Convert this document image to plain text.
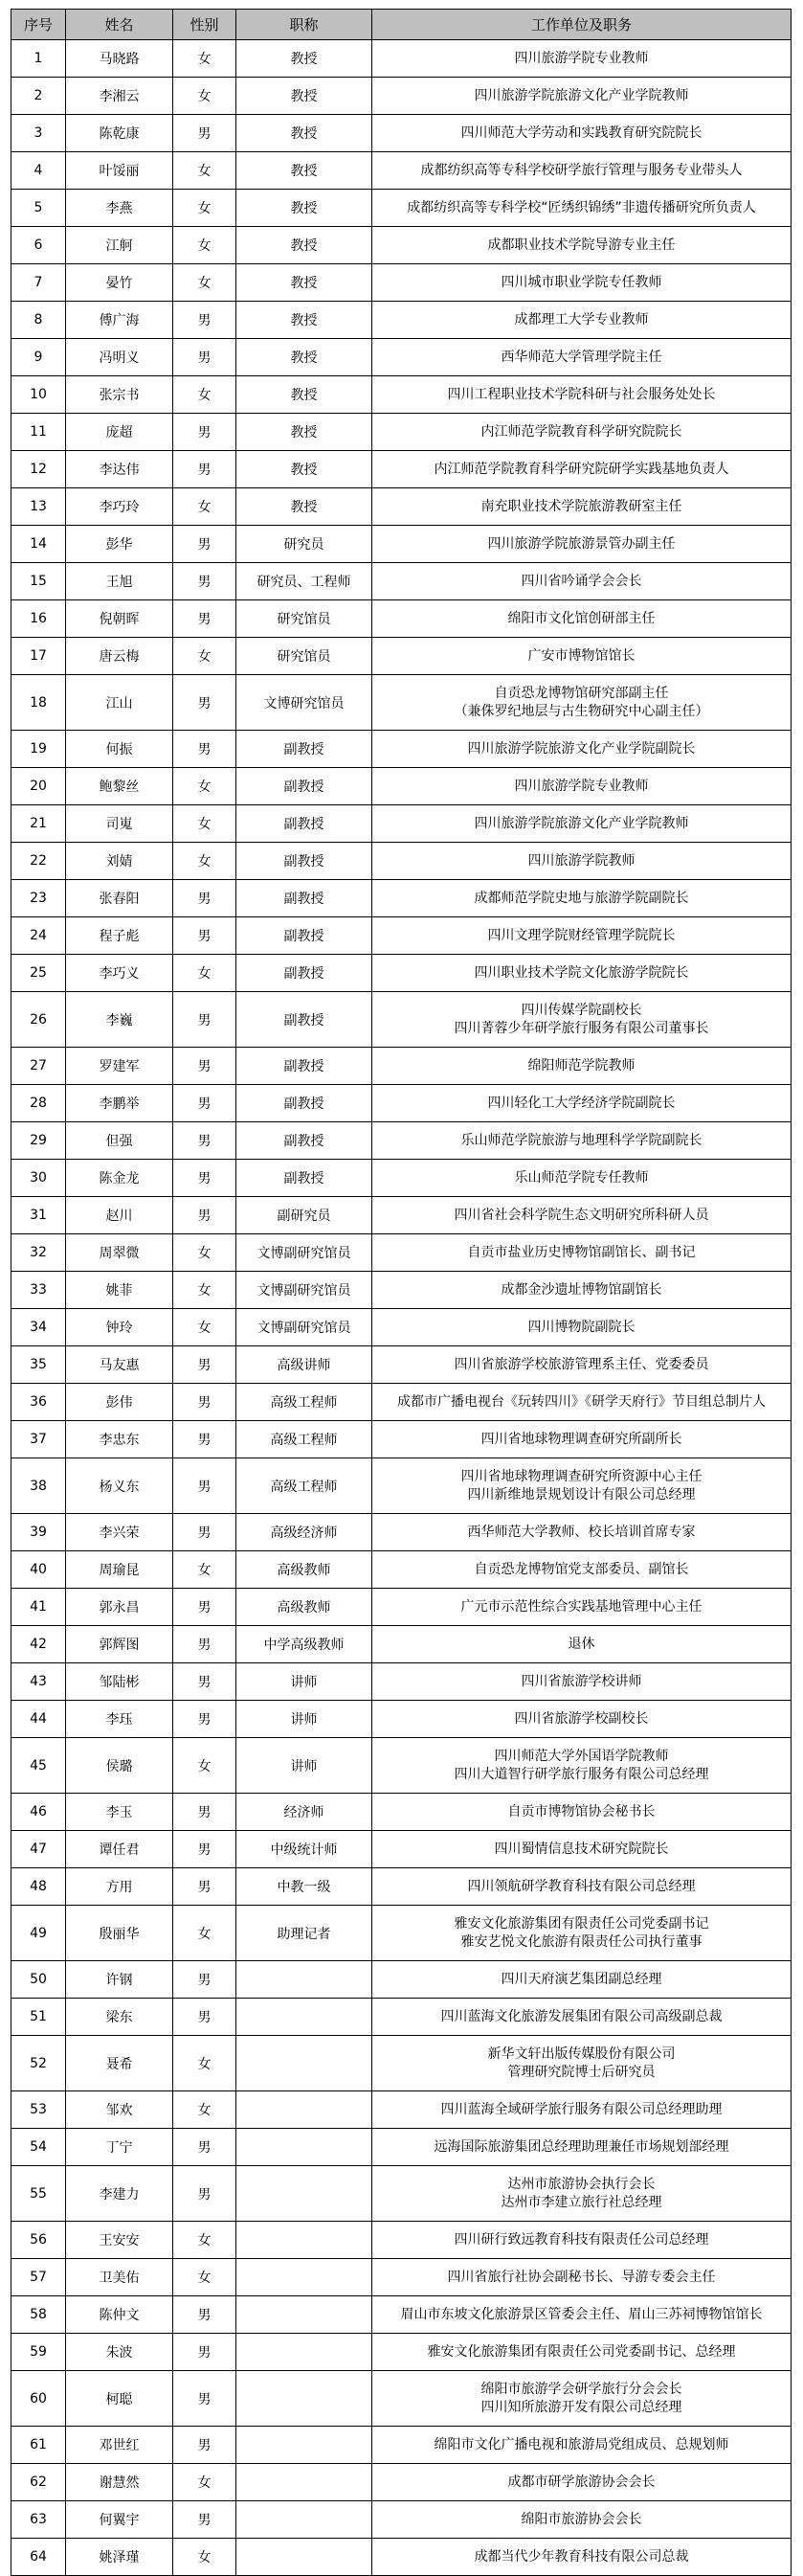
序号	姓名	性别	职称	工作单位及职务
1	马晓路	女	教授	四川旅游学院专业教师

2	李湘云	女	教授	四川旅游学院旅游文化产业学院教师

3	陈乾康	男	教授	四川师范大学劳动和实践教育研究院院长

4	叶馁丽	女	教授	成都纺织高等专科学校研学旅行管理与服务专业带头人

5	李燕	女	教授	成都纺织高等专科学校“匠绣织锦绣”非遗传播研究所负责人

6	江舸	女	教授	成都职业技术学院导游专业主任

7	晏竹	女	教授	四川城市职业学院专任教师

8	傅广海	男	教授	成都理工大学专业教师

9	冯明义	男	教授	西华师范大学管理学院主任

10	张宗书	女	教授	四川工程职业技术学院科研与社会服务处处长

11	庞超	男	教授	内江师范学院教育科学研究院院长

12	李达伟	男	教授	内江师范学院教育科学研究院研学实践基地负责人

13	李巧玲	女	教授	南充职业技术学院旅游教研室主任

14	彭华	男	研究员	四川旅游学院旅游景管办副主任

15	王旭	男	研究员、工程师	四川省吟诵学会会长

16	倪朝晖	男	研究馆员	绵阳市文化馆创研部主任

17	唐云梅	女	研究馆员	广安市博物馆馆长

18	江山	男	文博研究馆员	自贡恐龙博物馆研究部副主任
（兼侏罗纪地层与古生物研究中心副主任）

19	何振	男	副教授	四川旅游学院旅游文化产业学院副院长

20	鲍黎丝	女	副教授	四川旅游学院专业教师

21	司嵬	女	副教授	四川旅游学院旅游文化产业学院教师

22	刘婧	女	副教授	四川旅游学院教师

23	张春阳	男	副教授	成都师范学院史地与旅游学院副院长

24	程子彪	男	副教授	四川文理学院财经管理学院院长

25	李巧义	女	副教授	四川职业技术学院文化旅游学院院长

26	李巍	男	副教授	四川传媒学院副校长
四川菁蓉少年研学旅行服务有限公司董事长

27	罗建军	男	副教授	绵阳师范学院教师

28	李鹏举	男	副教授	四川轻化工大学经济学院副院长

29	但强	男	副教授	乐山师范学院旅游与地理科学学院副院长

30	陈金龙	男	副教授	乐山师范学院专任教师

31	赵川	男	副研究员	四川省社会科学院生态文明研究所科研人员

32	周翠微	女	文博副研究馆员	自贡市盐业历史博物馆副馆长、副书记

33	姚菲	女	文博副研究馆员	成都金沙遗址博物馆副馆长

34	钟玲	女	文博副研究馆员	四川博物院副院长

35	马友惠	男	高级讲师	四川省旅游学校旅游管理系主任、党委委员

36	彭伟	男	高级工程师	成都市广播电视台《玩转四川》《研学天府行》节目组总制片人

37	李忠东	男	高级工程师	四川省地球物理调查研究所副所长

38	杨义东	男	高级工程师	四川省地球物理调查研究所资源中心主任
四川新维地景规划设计有限公司总经理

39	李兴荣	男	高级经济师	西华师范大学教师、校长培训首席专家

40	周瑜昆	女	高级教师	自贡恐龙博物馆党支部委员、副馆长

41	郭永昌	男	高级教师	广元市示范性综合实践基地管理中心主任

42	郭辉图	男	中学高级教师	退休

43	邹陆彬	男	讲师	四川省旅游学校讲师

44	李珏	男	讲师	四川省旅游学校副校长

45	侯璐	女	讲师	四川师范大学外国语学院教师
四川大道智行研学旅行服务有限公司总经理

46	李玉	男	经济师	自贡市博物馆协会秘书长

47	谭任君	男	中级统计师	四川蜀情信息技术研究院院长

48	方用	男	中教一级	四川领航研学教育科技有限公司总经理

49	殷丽华	女	助理记者	雅安文化旅游集团有限责任公司党委副书记
雅安艺悦文化旅游有限责任公司执行董事

50	许钢	男		四川天府演艺集团副总经理

51	梁东	男		四川蓝海文化旅游发展集团有限公司高级副总裁

52	聂希	女		新华文轩出版传媒股份有限公司
管理研究院博士后研究员

53	邹欢	女		四川蓝海全域研学旅行服务有限公司总经理助理

54	丁宁	男		远海国际旅游集团总经理助理兼任市场规划部经理

55	李建力	男		达州市旅游协会执行会长
达州市李建立旅行社总经理

56	王安安	女		四川研行致远教育科技有限责任公司总经理

57	卫美佑	女		四川省旅行社协会副秘书长、导游专委会主任

58	陈仲文	男		眉山市东坡文化旅游景区管委会主任、眉山三苏祠博物馆馆长

59	朱波	男		雅安文化旅游集团有限责任公司党委副书记、总经理

60	柯聪	男		绵阳市旅游学会研学旅行分会会长
四川知所旅游开发有限公司总经理

61	邓世红	男		绵阳市文化广播电视和旅游局党组成员、总规划师

62	谢慧然	女		成都市研学旅游协会会长

63	何翼宇	男		绵阳市旅游协会会长

64	姚泽瑾	女		成都当代少年教育科技有限公司总裁
